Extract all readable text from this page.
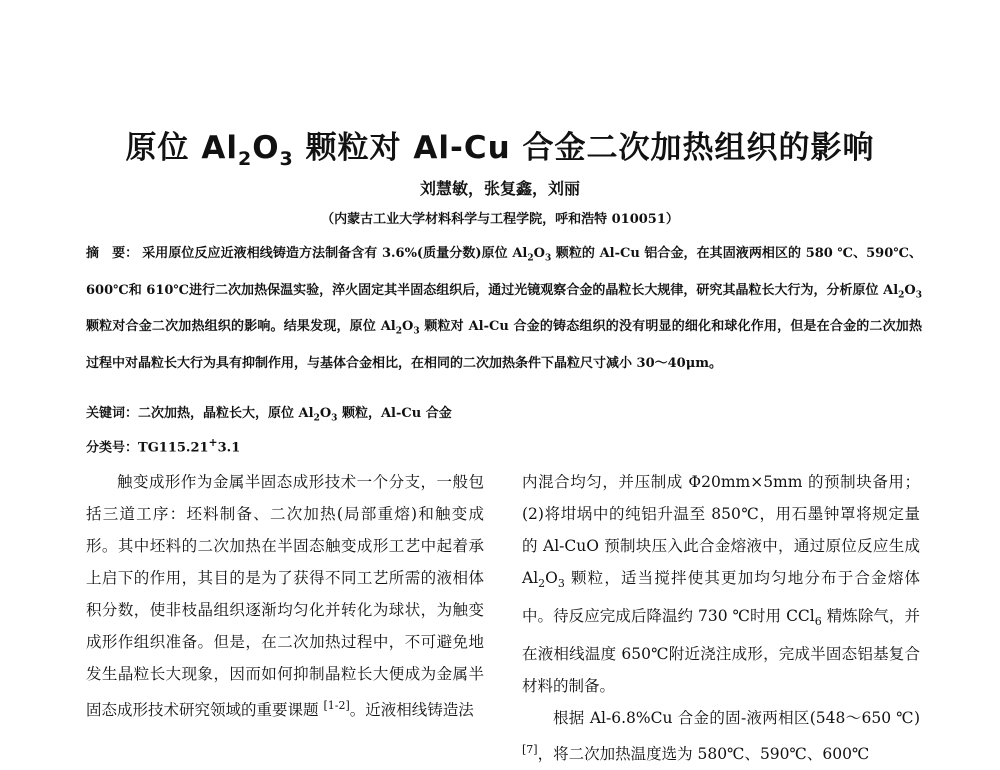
原位 $Al_2O_3$ 颗粒对 Al-Cu 合金二次加热组织的影响
刘慧敏，张复鑫，刘丽
（内蒙古工业大学材料科学与工程学院，呼和浩特 010051）
摘　要： 采用原位反应近液相线铸造方法制备含有 3.6%(质量分数)原位 $Al_2O_3$ 颗粒的 Al-Cu 铝合金，在其固液两相区的 580 ℃、590℃、600℃和 610℃进行二次加热保温实验，淬火固定其半固态组织后，通过光镜观察合金的晶粒长大规律，研究其晶粒长大行为，分析原位 $Al_2O_3$ 颗粒对合金二次加热组织的影响。结果发现，原位 $Al_2O_3$ 颗粒对 Al-Cu 合金的铸态组织的没有明显的细化和球化作用，但是在合金的二次加热过程中对晶粒长大行为具有抑制作用，与基体合金相比，在相同的二次加热条件下晶粒尺寸减小 30～40μm。
关键词：二次加热，晶粒长大，原位 $Al_2O_3$ 颗粒，Al-Cu 合金
分类号：TG115.21+3.1

触变成形作为金属半固态成形技术一个分支，一般包括三道工序：坯料制备、二次加热(局部重熔)和触变成形。其中坯料的二次加热在半固态触变成形工艺中起着承上启下的作用，其目的是为了获得不同工艺所需的液相体积分数，使非枝晶组织逐渐均匀化并转化为球状，为触变成形作组织准备。但是，在二次加热过程中，不可避免地发生晶粒长大现象，因而如何抑制晶粒长大便成为金属半固态成形技术研究领域的重要课题 [1-2]。近液相线铸造法

内混合均匀，并压制成 Φ20mm×5mm 的预制块备用；(2)将坩埚中的纯铝升温至 850℃，用石墨钟罩将规定量的 Al-CuO 预制块压入此合金熔液中，通过原位反应生成 $Al_2O_3$ 颗粒，适当搅拌使其更加均匀地分布于合金熔体中。待反应完成后降温约 730 ℃时用 CCl$_6$ 精炼除气，并在液相线温度 650℃附近浇注成形，完成半固态铝基复合材料的制备。

根据 Al-6.8%Cu 合金的固-液两相区(548～650 ℃)[7]，将二次加热温度选为 580℃、590℃、600℃
